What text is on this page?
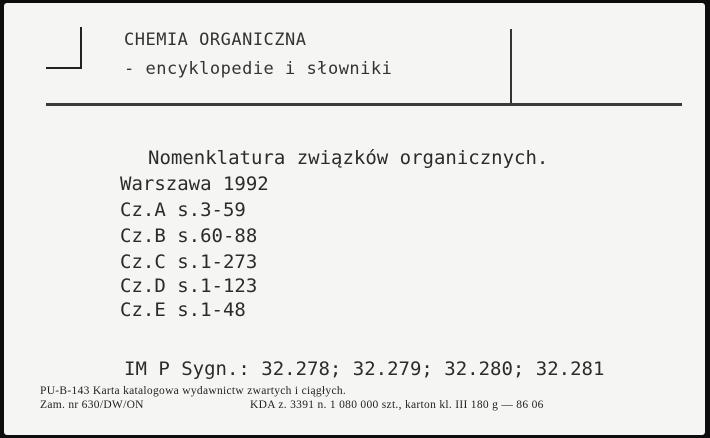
CHEMIA ORGANICZNA
- encyklopedie i słowniki
Nomenklatura związków organicznych.
Warszawa 1992
Cz.A s.3-59
Cz.B s.60-88
Cz.C s.1-273
Cz.D s.1-123
Cz.E s.1-48
IM P Sygn.: 32.278; 32.279; 32.280; 32.281
PU-B-143 Karta katalogowa wydawnictw zwartych i ciągłych.
Zam. nr 630/DW/ON	KDA z. 3391 n. 1 080 000 szt., karton kl. III 180 g — 86 06
